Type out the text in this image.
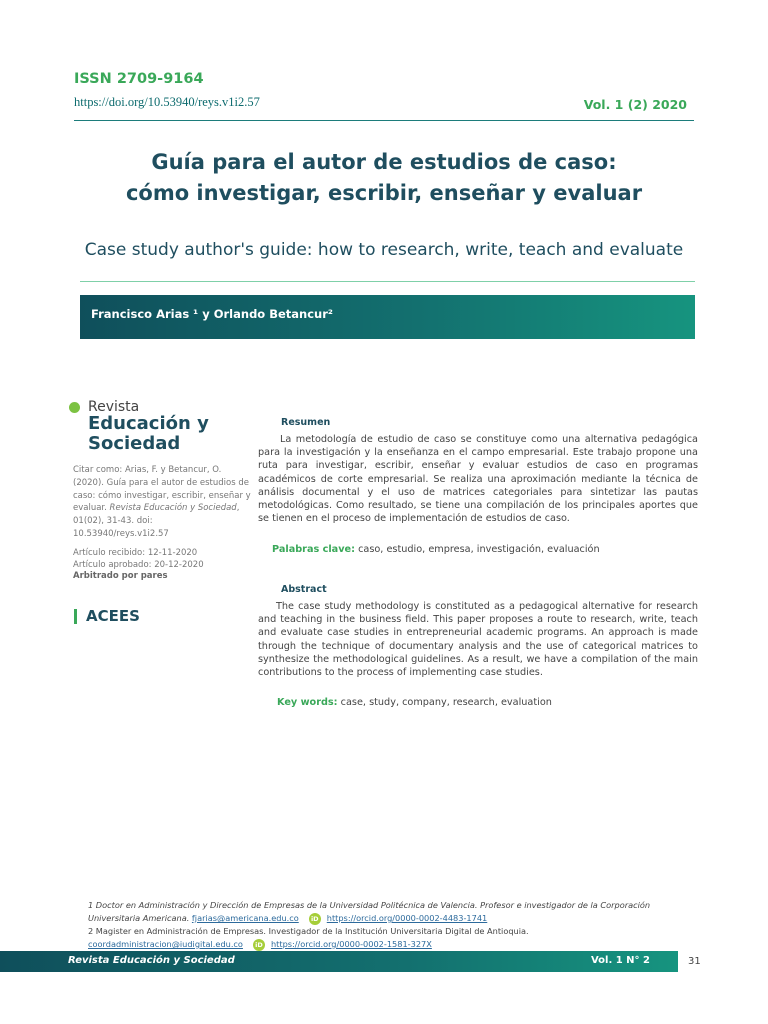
ISSN 2709-9164
https://doi.org/10.53940/reys.v1i2.57	Vol. 1 (2) 2020
Guía para el autor de estudios de caso:
cómo investigar, escribir, enseñar y evaluar
Case study author's guide: how to research, write, teach and evaluate
Francisco Arias ¹ y Orlando Betancur²
Revista
Educación y
Sociedad
Citar como: Arias, F. y Betancur, O. (2020). Guía para el autor de estudios de caso: cómo investigar, escribir, enseñar y evaluar. Revista Educación y Sociedad, 01(02), 31-43. doi: 10.53940/reys.v1i2.57
Artículo recibido: 12-11-2020
Artículo aprobado: 20-12-2020
Arbitrado por pares
ACEES
Resumen
La metodología de estudio de caso se constituye como una alternativa pedagógica para la investigación y la enseñanza en el campo empresarial. Este trabajo propone una ruta para investigar, escribir, enseñar y evaluar estudios de caso en programas académicos de corte empresarial. Se realiza una aproximación mediante la técnica de análisis documental y el uso de matrices categoriales para sintetizar las pautas metodológicas. Como resultado, se tiene una compilación de los principales aportes que se tienen en el proceso de implementación de estudios de caso.
Palabras clave: caso, estudio, empresa, investigación, evaluación
Abstract
The case study methodology is constituted as a pedagogical alternative for research and teaching in the business field. This paper proposes a route to research, write, teach and evaluate case studies in entrepreneurial academic programs. An approach is made through the technique of documentary analysis and the use of categorical matrices to synthesize the methodological guidelines. As a result, we have a compilation of the main contributions to the process of implementing case studies.
Key words: case, study, company, research, evaluation
1 Doctor en Administración y Dirección de Empresas de la Universidad Politécnica de Valencia. Profesor e investigador de la Corporación Universitaria Americana. fjarias@americana.edu.co iD https://orcid.org/0000-0002-4483-1741
2 Magister en Administración de Empresas. Investigador de la Institución Universitaria Digital de Antioquia.
coordadministracion@iudigital.edu.co iD https://orcid.org/0000-0002-1581-327X
Revista Educación y Sociedad	Vol. 1 N° 2	31
